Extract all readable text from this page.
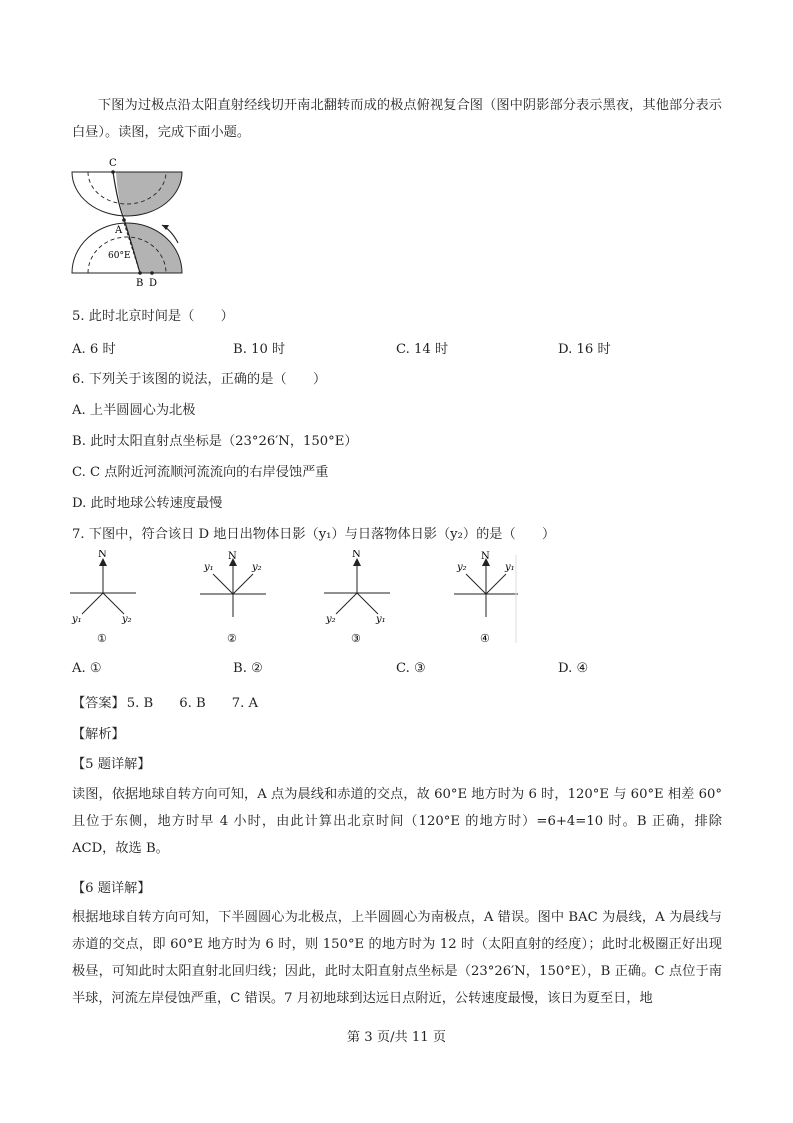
下图为过极点沿太阳直射经线切开南北翻转而成的极点俯视复合图（图中阴影部分表示黑夜，其他部分表示白昼）。读图，完成下面小题。
C
A
60°E
B D
5. 此时北京时间是（　　）
A. 6 时	B. 10 时	C. 14 时	D. 16 时
6. 下列关于该图的说法，正确的是（　　）
A. 上半圆圆心为北极
B. 此时太阳直射点坐标是（23°26′N，150°E）
C. C 点附近河流顺河流流向的右岸侵蚀严重
D. 此时地球公转速度最慢
7. 下图中，符合该日 D 地日出物体日影（y₁）与日落物体日影（y₂）的是（　　）
N
y₁	y₂
①
N
y₁	y₂
②
N
y₂	y₁
③
N
y₂	y₁
④
A. ①	B. ②	C. ③	D. ④
【答案】 5. B 6. B 7. A
【解析】
【5 题详解】
读图，依据地球自转方向可知，A 点为晨线和赤道的交点，故 60°E 地方时为 6 时，120°E 与 60°E 相差 60°且位于东侧，地方时早 4 小时，由此计算出北京时间（120°E 的地方时）=6+4=10 时。B 正确，排除 ACD，故选 B。
【6 题详解】
根据地球自转方向可知，下半圆圆心为北极点，上半圆圆心为南极点，A 错误。图中 BAC 为晨线，A 为晨线与赤道的交点，即 60°E 地方时为 6 时，则 150°E 的地方时为 12 时（太阳直射的经度）；此时北极圈正好出现极昼，可知此时太阳直射北回归线；因此，此时太阳直射点坐标是（23°26′N，150°E），B 正确。C 点位于南半球，河流左岸侵蚀严重，C 错误。7 月初地球到达远日点附近，公转速度最慢，该日为夏至日，地
第 3 页/共 11 页
